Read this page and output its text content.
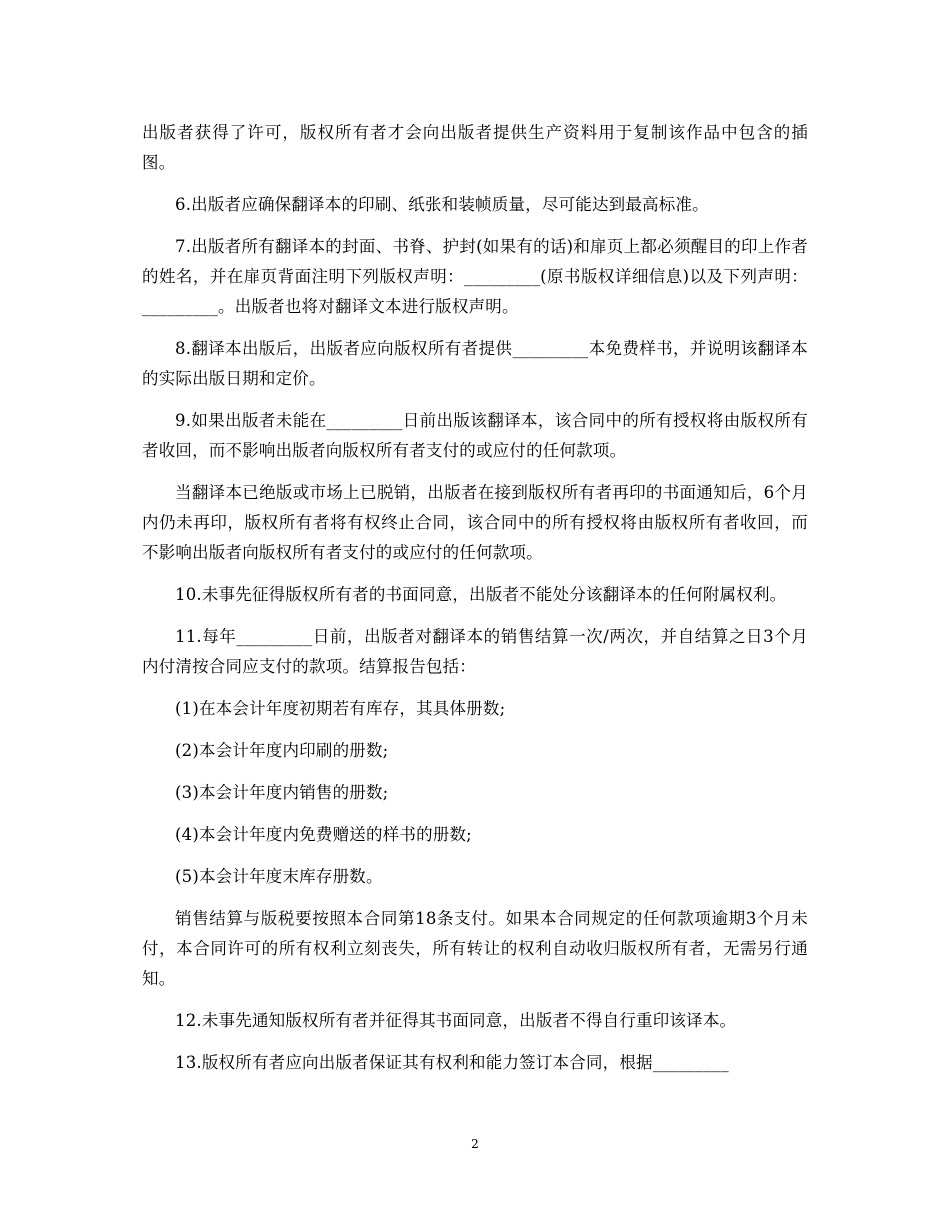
出版者获得了许可，版权所有者才会向出版者提供生产资料用于复制该作品中包含的插图。

6.出版者应确保翻译本的印刷、纸张和装帧质量，尽可能达到最高标准。

7.出版者所有翻译本的封面、书脊、护封(如果有的话)和扉页上都必须醒目的印上作者的姓名，并在扉页背面注明下列版权声明：_________(原书版权详细信息)以及下列声明：_________。出版者也将对翻译文本进行版权声明。

8.翻译本出版后，出版者应向版权所有者提供_________本免费样书，并说明该翻译本的实际出版日期和定价。

9.如果出版者未能在_________日前出版该翻译本，该合同中的所有授权将由版权所有者收回，而不影响出版者向版权所有者支付的或应付的任何款项。

当翻译本已绝版或市场上已脱销，出版者在接到版权所有者再印的书面通知后，6个月内仍未再印，版权所有者将有权终止合同，该合同中的所有授权将由版权所有者收回，而不影响出版者向版权所有者支付的或应付的任何款项。

10.未事先征得版权所有者的书面同意，出版者不能处分该翻译本的任何附属权利。

11.每年_________日前，出版者对翻译本的销售结算一次/两次，并自结算之日3个月内付清按合同应支付的款项。结算报告包括：

(1)在本会计年度初期若有库存，其具体册数;

(2)本会计年度内印刷的册数;

(3)本会计年度内销售的册数;

(4)本会计年度内免费赠送的样书的册数;

(5)本会计年度末库存册数。

销售结算与版税要按照本合同第18条支付。如果本合同规定的任何款项逾期3个月未付，本合同许可的所有权利立刻丧失，所有转让的权利自动收归版权所有者，无需另行通知。

12.未事先通知版权所有者并征得其书面同意，出版者不得自行重印该译本。

13.版权所有者应向出版者保证其有权利和能力签订本合同，根据_________

2
